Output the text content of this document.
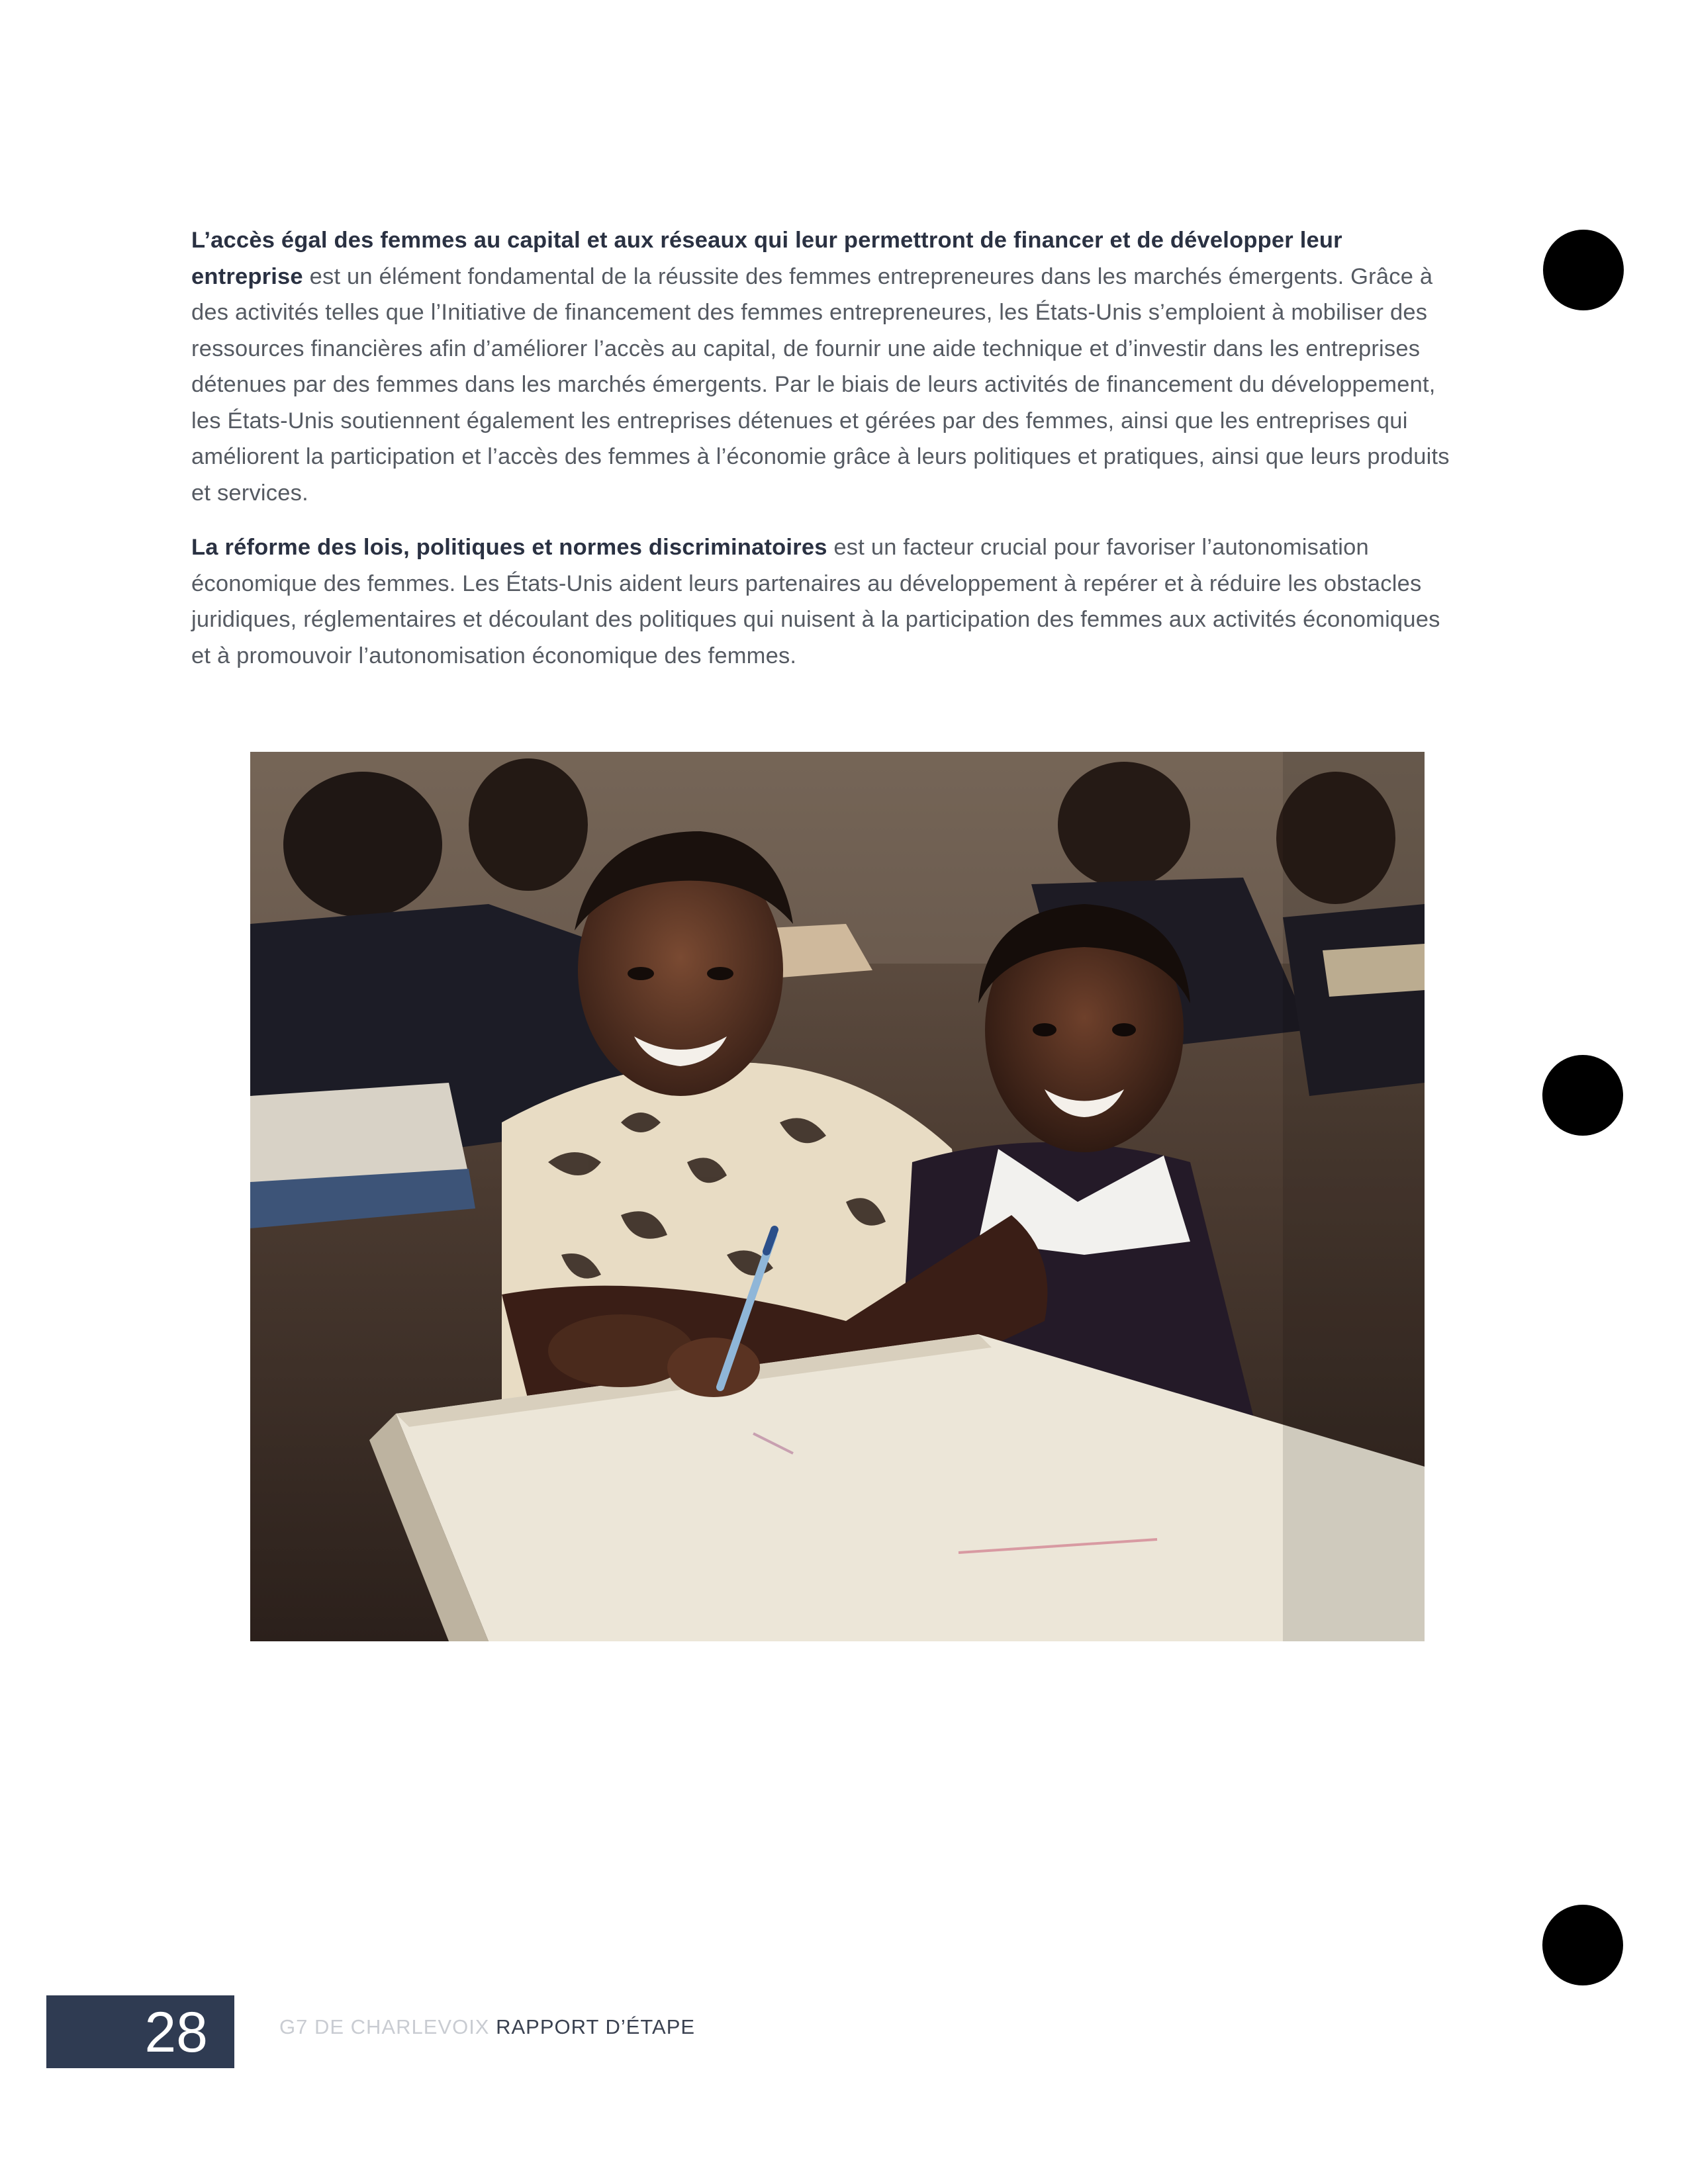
L’accès égal des femmes au capital et aux réseaux qui leur permettront de financer et de développer leur entreprise est un élément fondamental de la réussite des femmes entrepreneures dans les marchés émergents. Grâce à des activités telles que l’Initiative de financement des femmes entrepreneures, les États-Unis s’emploient à mobiliser des ressources financières afin d’améliorer l’accès au capital, de fournir une aide technique et d’investir dans les entreprises détenues par des femmes dans les marchés émergents. Par le biais de leurs activités de financement du développement, les États-Unis soutiennent également les entreprises détenues et gérées par des femmes, ainsi que les entreprises qui améliorent la participation et l’accès des femmes à l’économie grâce à leurs politiques et pratiques, ainsi que leurs produits et services.
La réforme des lois, politiques et normes discriminatoires est un facteur crucial pour favoriser l’autonomisation économique des femmes. Les États-Unis aident leurs partenaires au développement à repérer et à réduire les obstacles juridiques, réglementaires et découlant des politiques qui nuisent à la participation des femmes aux activités économiques et à promouvoir l’autonomisation économique des femmes.
28	G7 DE CHARLEVOIX RAPPORT D’ÉTAPE
